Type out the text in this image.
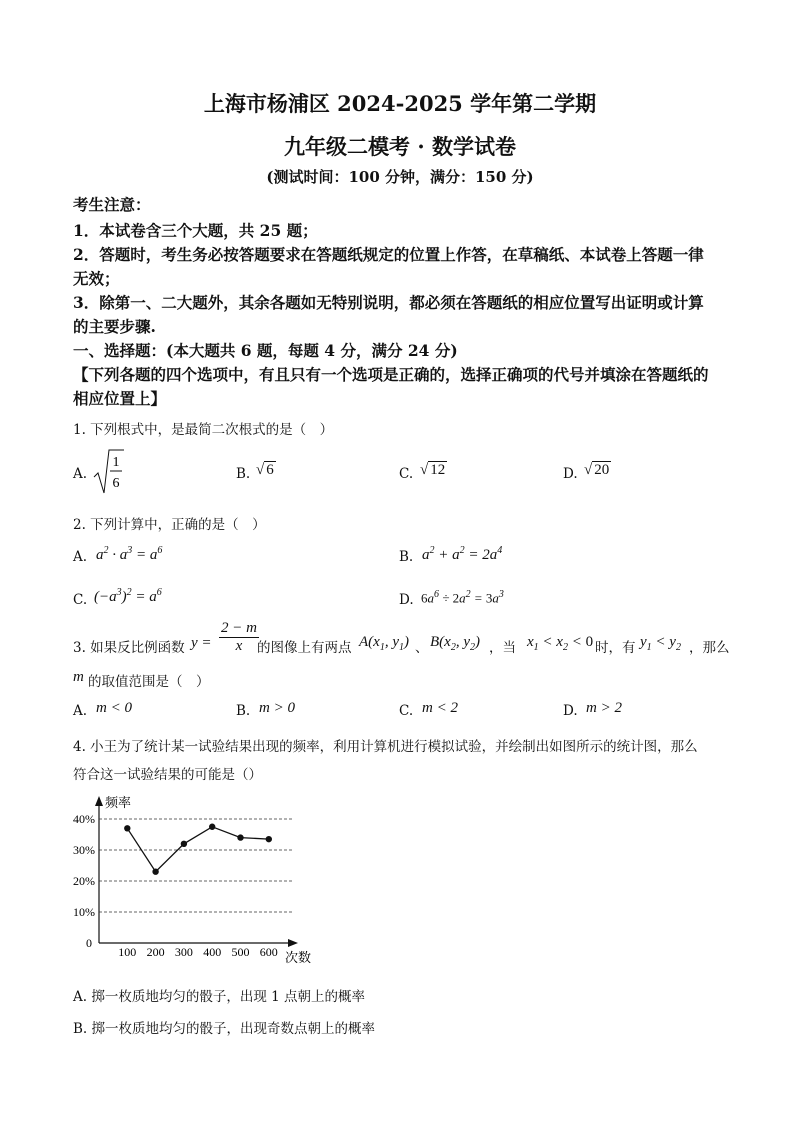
上海市杨浦区 2024-2025 学年第二学期
九年级二模考 · 数学试卷
(测试时间：100 分钟，满分：150 分)
考生注意：
1．本试卷含三个大题，共 25 题；
2．答题时，考生务必按答题要求在答题纸规定的位置上作答，在草稿纸、本试卷上答题一律
无效；
3．除第一、二大题外，其余各题如无特别说明，都必须在答题纸的相应位置写出证明或计算
的主要步骤.
一、选择题：(本大题共 6 题，每题 4 分，满分 24 分)
【下列各题的四个选项中，有且只有一个选项是正确的，选择正确项的代号并填涂在答题纸的
相应位置上】
1. 下列根式中，是最简二次根式的是（　）
A.
1
6
B. √ 6	C. √ 12	D. √ 20
2. 下列计算中，正确的是（　）
A. $a^2 \cdot a^3 = a^6$	B. $a^2 + a^2 = 2a^4$
C. $(-a^3)^2 = a^6$	D. $6a^6 \div 2a^2 = 3a^3$
3. 如果反比例函数 $y = \frac{2 - m}{x}$
的图像上有两点 $A(x_1$, $y_1$) 、 $B(x_2$, $y_2$) ，当 $x_1 < x_2 < 0$ 时，有 $y_1 < y_2$ ，那么
m 的取值范围是（　）
A. m < 0	B. m > 0	C. m < 2	D. m > 2
4. 小王为了统计某一试验结果出现的频率，利用计算机进行模拟试验，并绘制出如图所示的统计图，那么
符合这一试验结果的可能是（）
频率
次数
0
10%
20%
30%
40%
100 200 300 400 500 600
A. 掷一枚质地均匀的骰子，出现 1 点朝上的概率
B. 掷一枚质地均匀的骰子，出现奇数点朝上的概率
